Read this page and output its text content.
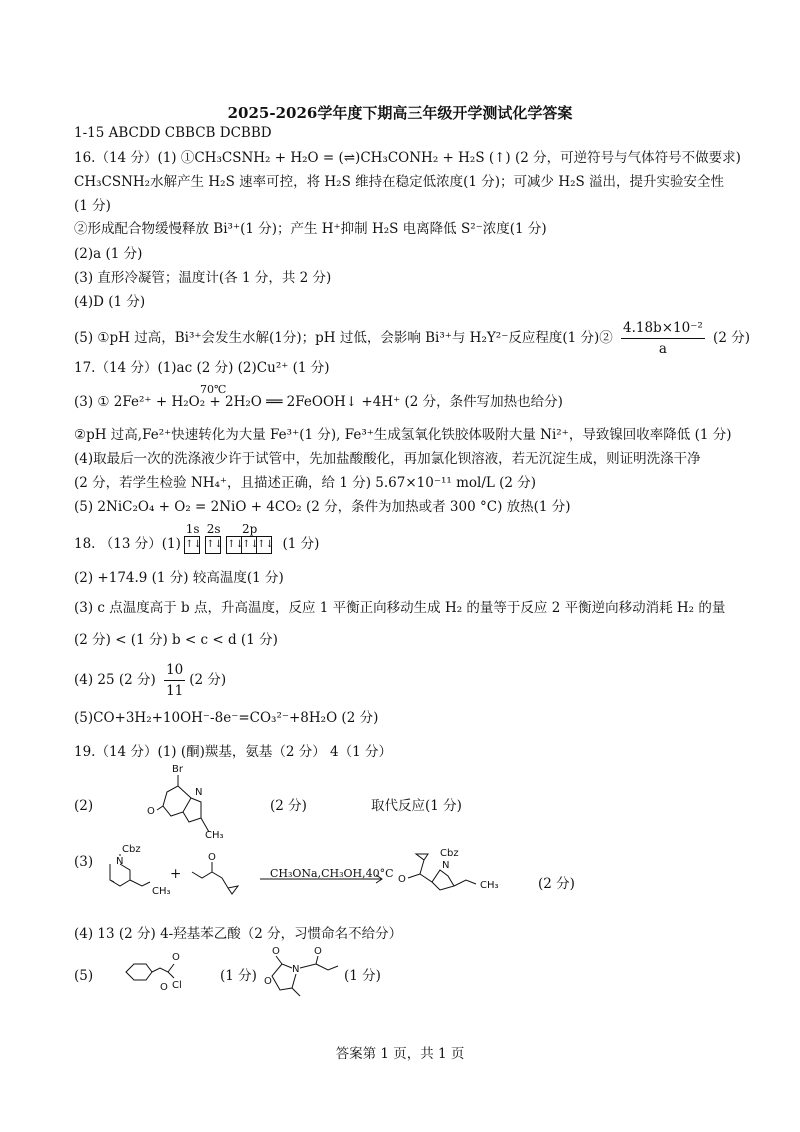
2025-2026学年度下期高三年级开学测试化学答案
1-15 ABCDD CBBCB DCBBD
16.（14 分）(1) ①CH₃CSNH₂ + H₂O = (⇌)CH₃CONH₂ + H₂S (↑) (2 分，可逆符号与气体符号不做要求)
CH₃CSNH₂水解产生 H₂S 速率可控，将 H₂S 维持在稳定低浓度(1 分)；可减少 H₂S 溢出，提升实验安全性
(1 分)
②形成配合物缓慢释放 Bi³⁺(1 分)；产生 H⁺抑制 H₂S 电离降低 S²⁻浓度(1 分)
(2)a (1 分)
(3) 直形冷凝管；温度计(各 1 分，共 2 分)
(4)D (1 分)
(5) ①pH 过高，Bi³⁺会发生水解(1分)；pH 过低，会影响 Bi³⁺与 H₂Y²⁻反应程度(1 分)② $\frac{\text{4.18b×10⁻²}}{a} (2$ 分)
17.（14 分）(1)ac (2 分) (2)Cu²⁺ (1 分)
70℃
(3) ① 2Fe²⁺ + H₂O₂ + 2H₂O ══ 2FeOOH↓ +4H⁺ (2 分，条件写加热也给分)
②pH 过高,Fe²⁺快速转化为大量 Fe³⁺(1 分), Fe³⁺生成氢氧化铁胶体吸附大量 Ni²⁺，导致镍回收率降低 (1 分)
(4)取最后一次的洗涤液少许于试管中，先加盐酸酸化，再加氯化钡溶液，若无沉淀生成，则证明洗涤干净
(2 分，若学生检验 NH₄⁺，且描述正确，给 1 分) 5.67×10⁻¹¹ mol/L (2 分)
(5) 2NiC₂O₄ + O₂ = 2NiO + 4CO₂ (2 分，条件为加热或者 300 °C) 放热(1 分)
18. （13 分）(1)
1s
↑↓
2s
↑↓
2p
↑↓
↑↓
↑↓ (1 分)
(2) +174.9 (1 分) 较高温度(1 分)
(3) c 点温度高于 b 点，升高温度，反应 1 平衡正向移动生成 H₂ 的量等于反应 2 平衡逆向移动消耗 H₂ 的量
(2 分) < (1 分) b < c < d (1 分)
(4) 25 (2 分) $\frac{10}{11} (2$ 分)
(5)CO+3H₂+10OH⁻-8e⁻=CO₃²⁻+8H₂O (2 分)
19.（14 分）(1) (酮)羰基，氨基（2 分） 4（1 分）
(2)
Br
N
O
CH₃
(2 分)	取代反应(1 分)
(3)
Cbz
N
CH₃
+
O
CH₃ONa,CH₃OH,40°C O
Cbz
N
CH₃	(2 分)
(4) 13 (2 分) 4-羟基苯乙酸（2 分，习惯命名不给分）
(5)
O
O
Cl
(1 分)
O
N
O
O
(1 分)
答案第 1 页，共 1 页
